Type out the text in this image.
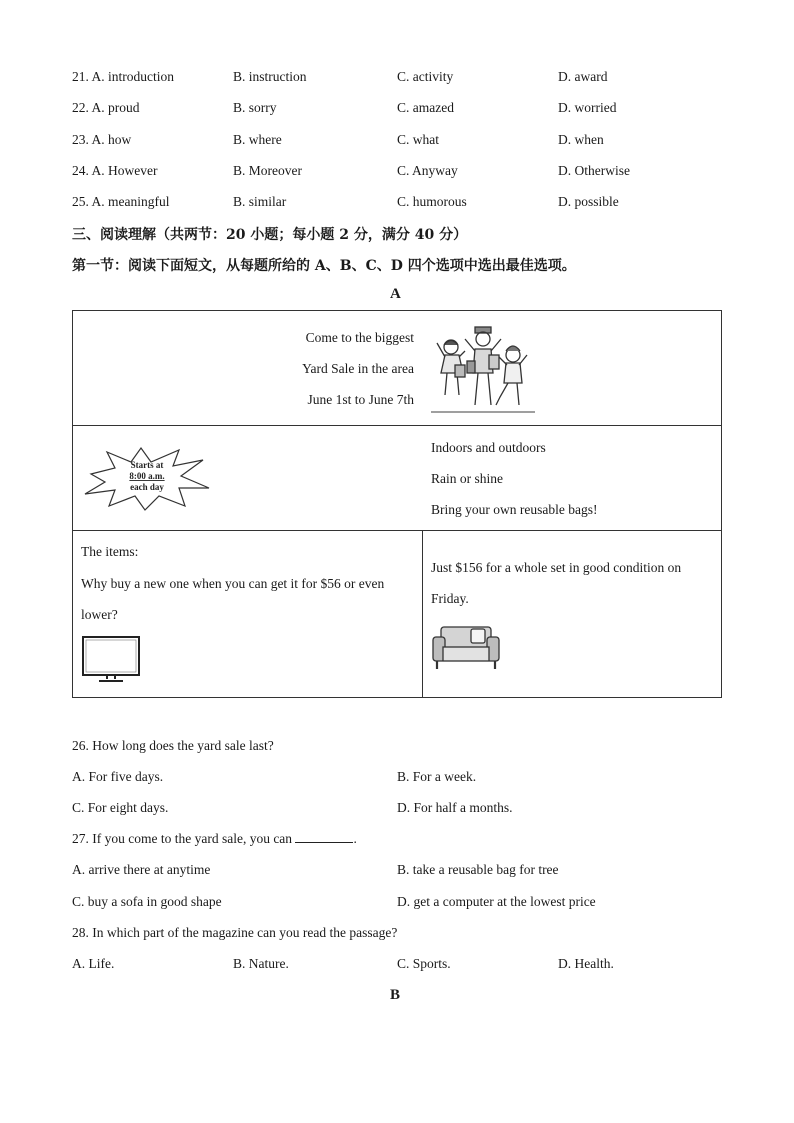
21. A. introduction	B. instruction	C. activity	D. award
22. A. proud	B. sorry	C. amazed	D. worried
23. A. how	B. where	C. what	D. when
24. A. However	B. Moreover	C. Anyway	D. Otherwise
25. A. meaningful	B. similar	C. humorous	D. possible
三、阅读理解（共两节：20 小题；每小题 2 分，满分 40 分）
第一节：阅读下面短文，从每题所给的 A、B、C、D 四个选项中选出最佳选项。
A
Come to the biggest
Yard Sale in the area
June 1st to June 7th

Starts at
8:00 a.m.
each day
Indoors and outdoors
Rain or shine
Bring your own reusable bags!

The items:
Why buy a new one when you can get it for $56 or even
lower?

Just $156 for a whole set in good condition on
Friday.
26. How long does the yard sale last?
A. For five days.	B. For a week.
C. For eight days.	D. For half a months.
27. If you come to the yard sale, you can	.
A. arrive there at anytime	B. take a reusable bag for tree
C. buy a sofa in good shape	D. get a computer at the lowest price
28. In which part of the magazine can you read the passage?
A. Life.	B. Nature.	C. Sports.	D. Health.
B
